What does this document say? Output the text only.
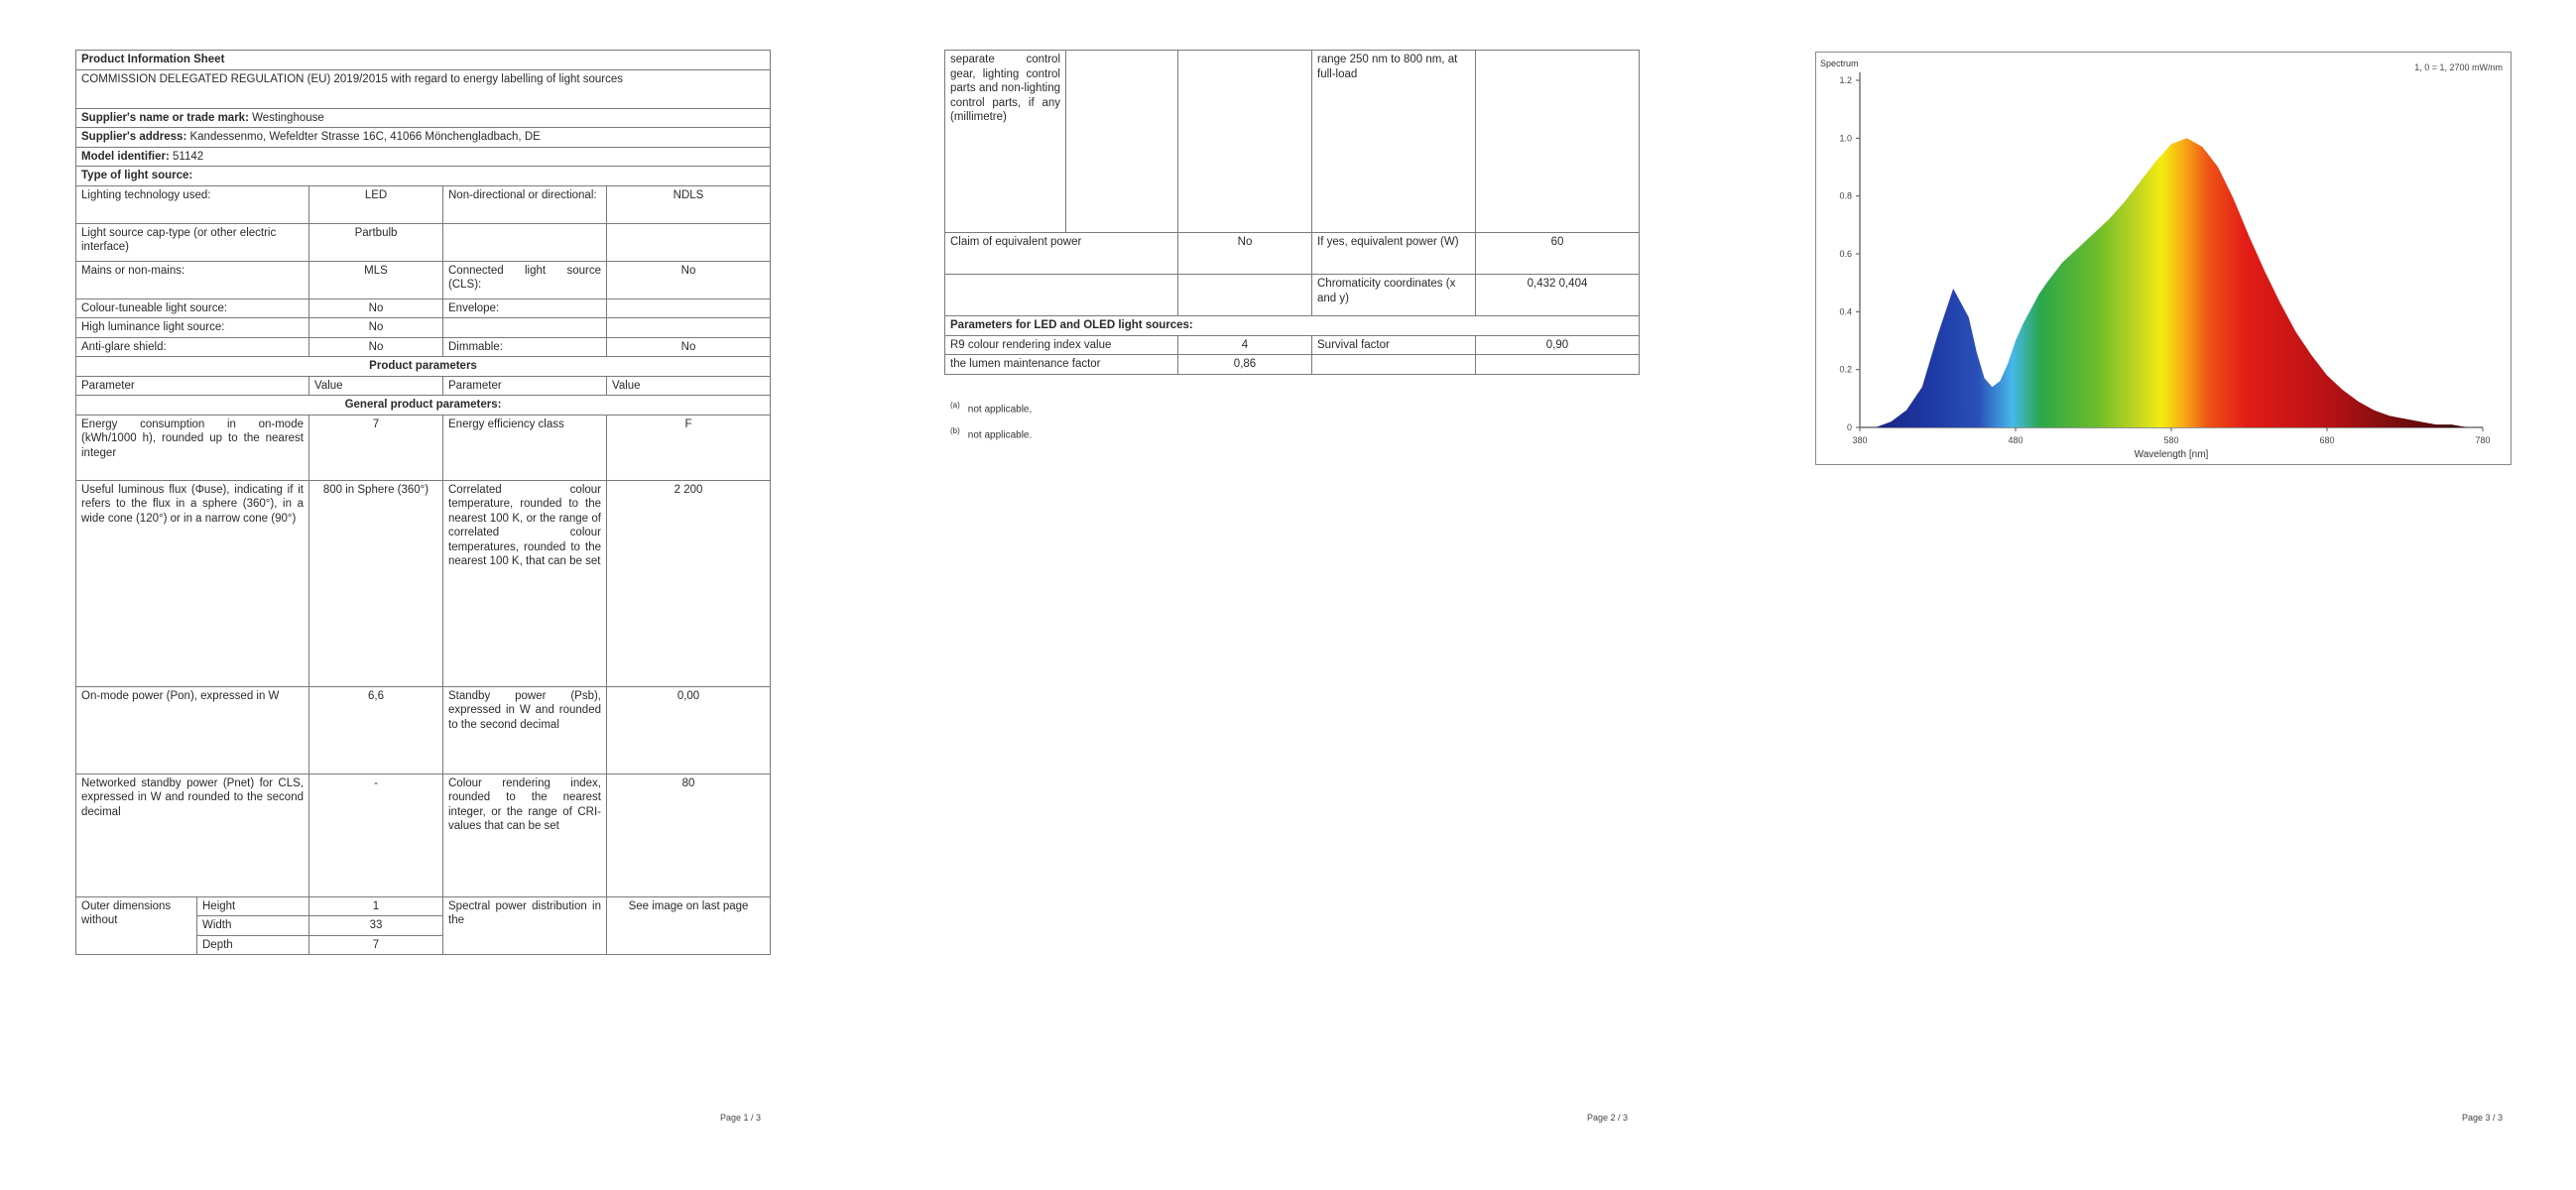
Product Information Sheet				
COMMISSION DELEGATED REGULATION (EU) 2019/2015 with regard to energy labelling of light sources				
Supplier's name or trade mark: Westinghouse				
Supplier's address: Kandessenmo, Wefeldter Strasse 16C, 41066 Mönchengladbach, DE				
Model identifier: 51142				
Type of light source:				
Lighting technology used:		LED	Non-directional or directional:	NDLS
Light source cap-type (or other electric interface)		Partbulb		
Mains or non-mains:		MLS	Connected light source (CLS):	No
Colour-tuneable light source:		No	Envelope:	
High luminance light source:		No		
Anti-glare shield:		No	Dimmable:	No
Product parameters				
Parameter		Value	Parameter	Value
General product parameters:				
Energy consumption in on-mode (kWh/1000 h), rounded up to the nearest integer		7	Energy efficiency class	F
Useful luminous flux (Φuse), indicating if it refers to the flux in a sphere (360°), in a wide cone (120°) or in a narrow cone (90°)		800 in Sphere (360°)	Correlated colour temperature, rounded to the nearest 100 K, or the range of correlated colour temperatures, rounded to the nearest 100 K, that can be set	2 200
On-mode power (Pon), expressed in W		6,6	Standby power (Psb), expressed in W and rounded to the second decimal	0,00
Networked standby power (Pnet) for CLS, expressed in W and rounded to the second decimal		-	Colour rendering index, rounded to the nearest integer, or the range of CRI-values that can be set	80
Outer dimensions without	Height	1	Spectral power distribution in the	See image on last page
	Width	33		
	Depth	7		
Page 1 / 3
separate control gear, lighting control parts and non-lighting control parts, if any (millimetre)			range 250 nm to 800 nm, at full-load	
Claim of equivalent power		No	If yes, equivalent power (W)	60
			Chromaticity coordinates (x and y)	0,432 0,404
Parameters for LED and OLED light sources:				
R9 colour rendering index value		4	Survival factor	0,90
the lumen maintenance factor		0,86		
$^{(a)}$ not applicable,
$^{(b)}$ not applicable.
Page 2 / 3
380	480	580	680	780
0
0.2
0.4
0.6
0.8
1.0
1.2
Wavelength [nm]
Spectrum	1, 0 = 1, 2700 mW/nm
Page 3 / 3
